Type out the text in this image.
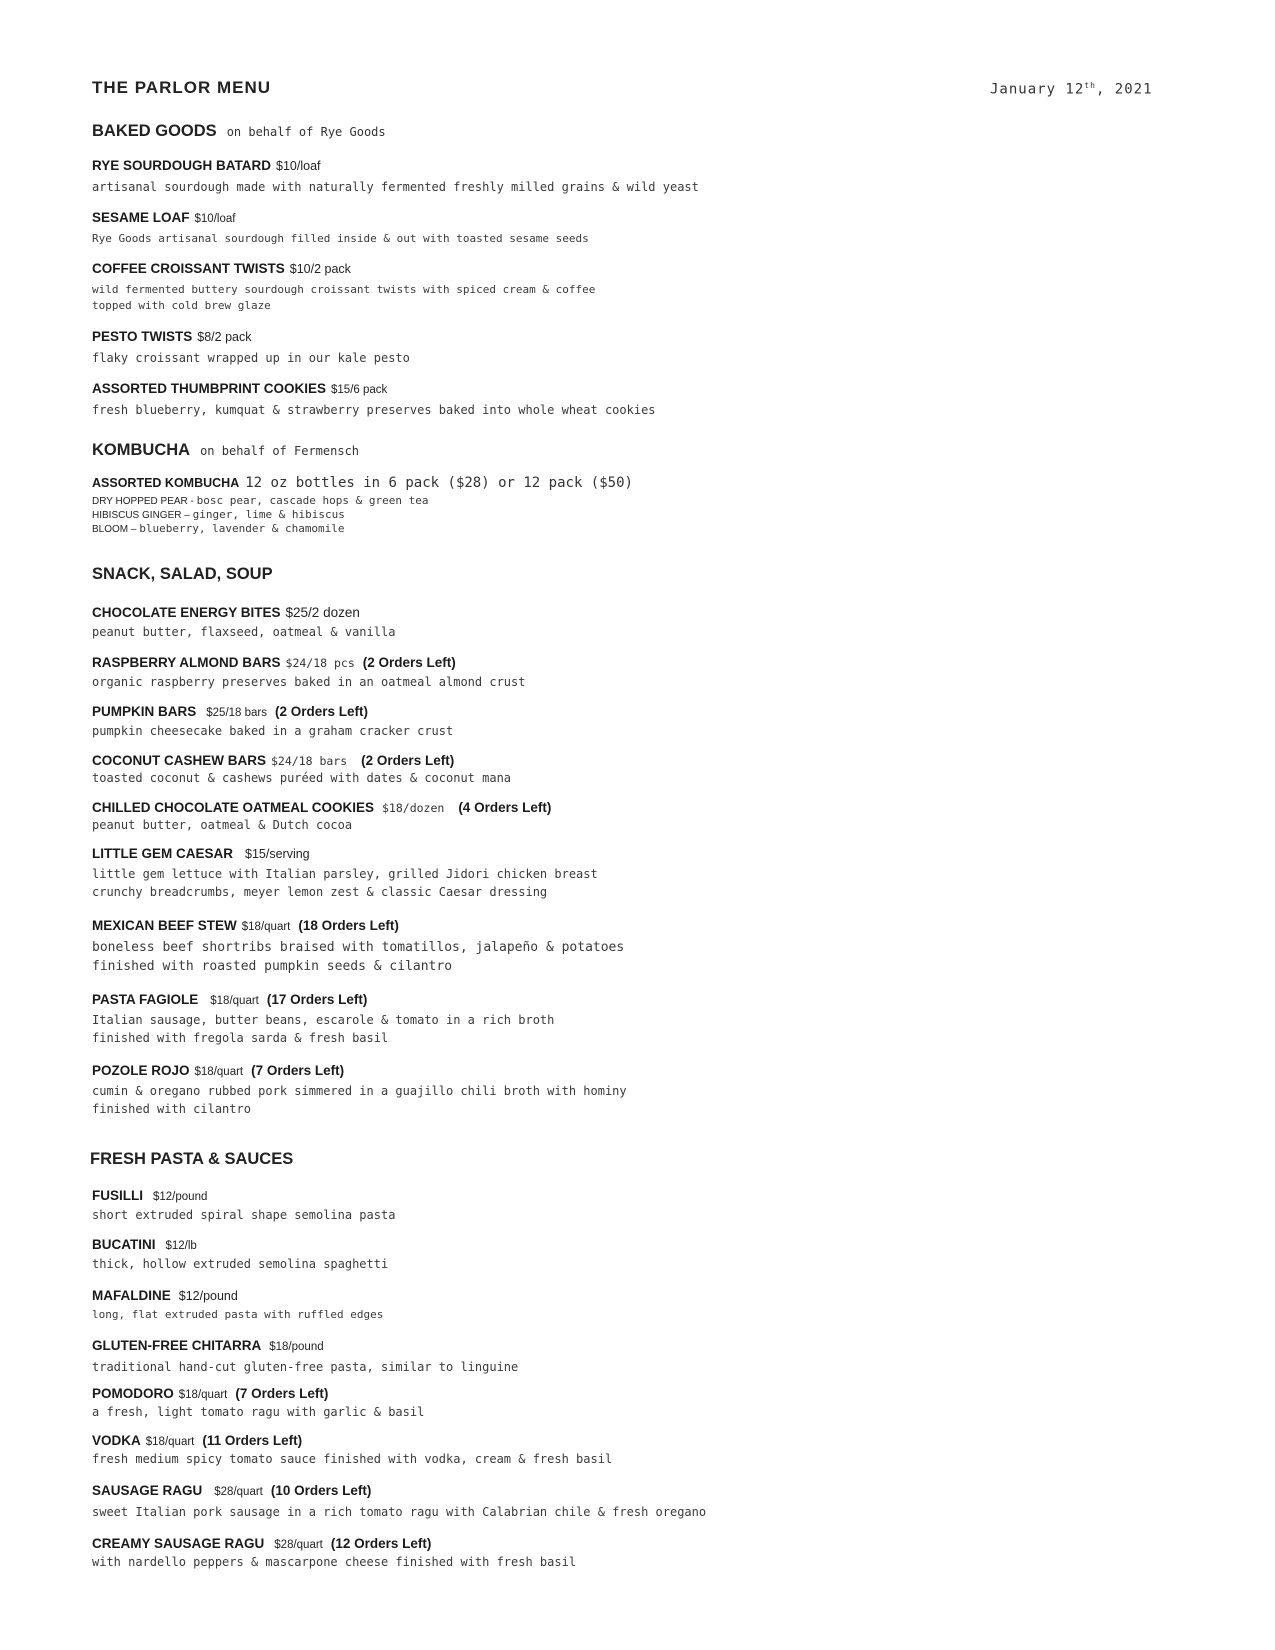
THE PARLOR MENU	January 12th, 2021
BAKED GOODS on behalf of Rye Goods
RYE SOURDOUGH BATARD $10/loaf
artisanal sourdough made with naturally fermented freshly milled grains & wild yeast
SESAME LOAF $10/loaf
Rye Goods artisanal sourdough filled inside & out with toasted sesame seeds
COFFEE CROISSANT TWISTS $10/2 pack
wild fermented buttery sourdough croissant twists with spiced cream & coffee
topped with cold brew glaze
PESTO TWISTS $8/2 pack
flaky croissant wrapped up in our kale pesto
ASSORTED THUMBPRINT COOKIES $15/6 pack
fresh blueberry, kumquat & strawberry preserves baked into whole wheat cookies
KOMBUCHA on behalf of Fermensch
ASSORTED KOMBUCHA 12 oz bottles in 6 pack ($28) or 12 pack ($50)
DRY HOPPED PEAR - bosc pear, cascade hops & green tea
HIBISCUS GINGER – ginger, lime & hibiscus
BLOOM – blueberry, lavender & chamomile
SNACK, SALAD, SOUP
CHOCOLATE ENERGY BITES $25/2 dozen
peanut butter, flaxseed, oatmeal & vanilla
RASPBERRY ALMOND BARS $24/18 pcs (2 Orders Left)
organic raspberry preserves baked in an oatmeal almond crust
PUMPKIN BARS $25/18 bars (2 Orders Left)
pumpkin cheesecake baked in a graham cracker crust
COCONUT CASHEW BARS $24/18 bars (2 Orders Left)
toasted coconut & cashews puréed with dates & coconut mana
CHILLED CHOCOLATE OATMEAL COOKIES $18/dozen (4 Orders Left)
peanut butter, oatmeal & Dutch cocoa
LITTLE GEM CAESAR $15/serving
little gem lettuce with Italian parsley, grilled Jidori chicken breast
crunchy breadcrumbs, meyer lemon zest & classic Caesar dressing
MEXICAN BEEF STEW $18/quart (18 Orders Left)
boneless beef shortribs braised with tomatillos, jalapeño & potatoes
finished with roasted pumpkin seeds & cilantro
PASTA FAGIOLE $18/quart (17 Orders Left)
Italian sausage, butter beans, escarole & tomato in a rich broth
finished with fregola sarda & fresh basil
POZOLE ROJO $18/quart (7 Orders Left)
cumin & oregano rubbed pork simmered in a guajillo chili broth with hominy
finished with cilantro
FRESH PASTA & SAUCES
FUSILLI $12/pound
short extruded spiral shape semolina pasta
BUCATINI $12/lb
thick, hollow extruded semolina spaghetti
MAFALDINE $12/pound
long, flat extruded pasta with ruffled edges
GLUTEN-FREE CHITARRA $18/pound
traditional hand-cut gluten-free pasta, similar to linguine
POMODORO $18/quart (7 Orders Left)
a fresh, light tomato ragu with garlic & basil
VODKA $18/quart (11 Orders Left)
fresh medium spicy tomato sauce finished with vodka, cream & fresh basil
SAUSAGE RAGU $28/quart (10 Orders Left)
sweet Italian pork sausage in a rich tomato ragu with Calabrian chile & fresh oregano
CREAMY SAUSAGE RAGU $28/quart (12 Orders Left)
with nardello peppers & mascarpone cheese finished with fresh basil
